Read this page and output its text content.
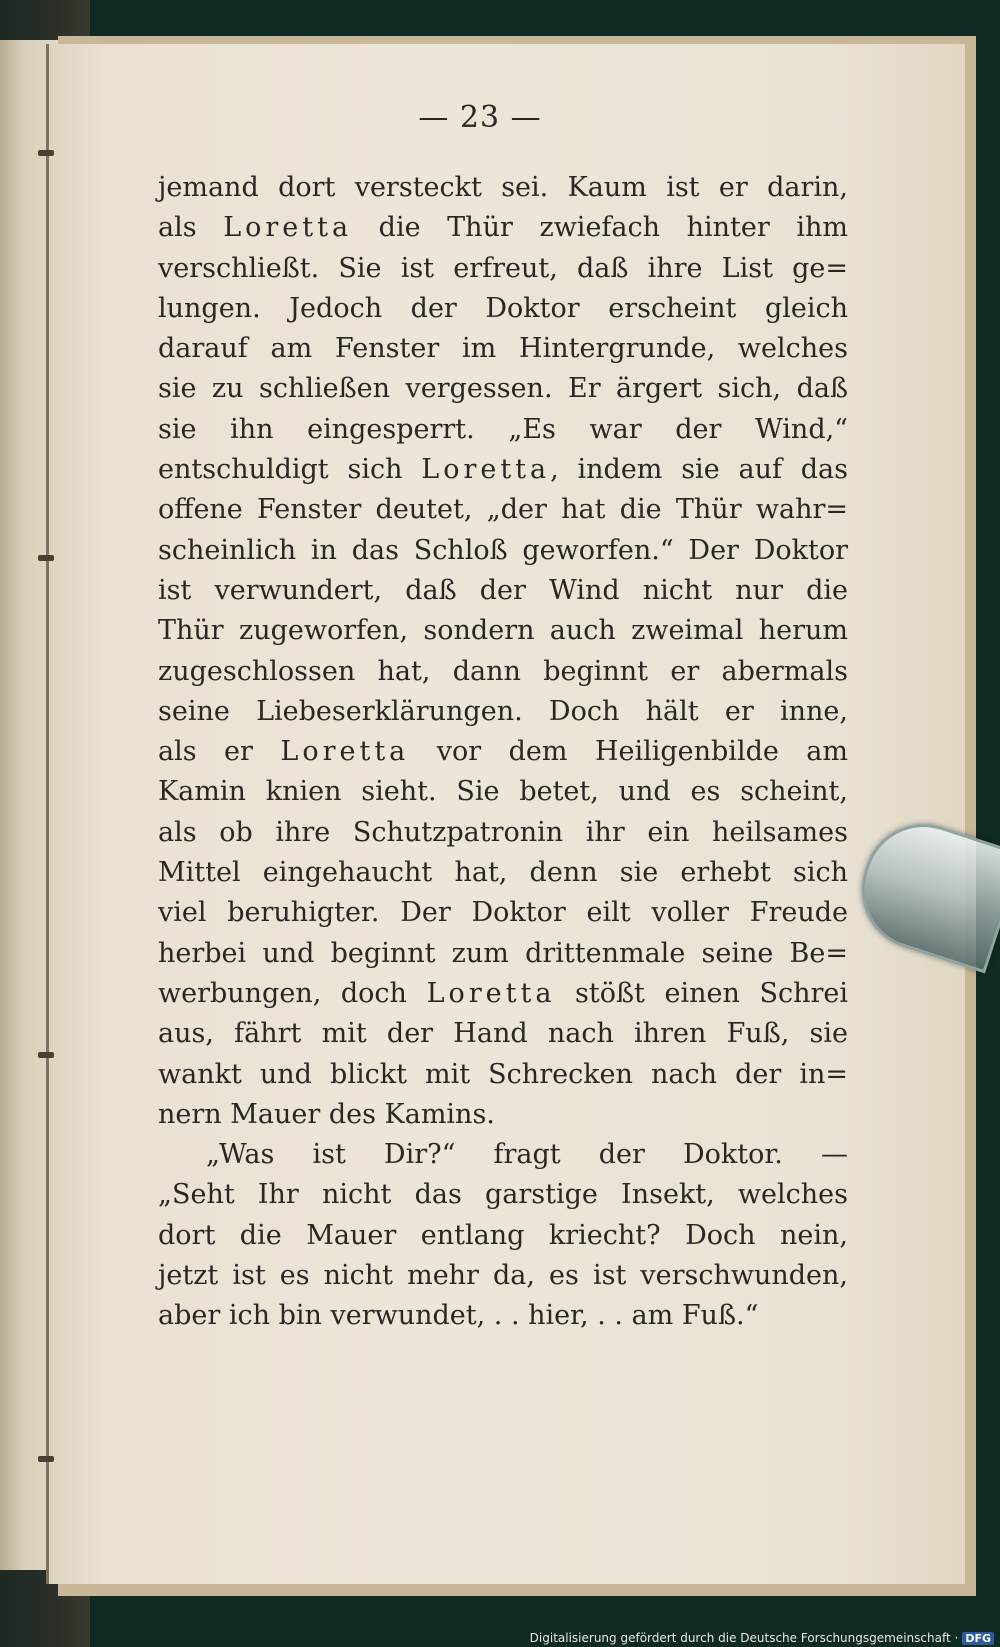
— 23 —
jemand dort versteckt sei. Kaum ist er darin,
als Loretta die Thür zwiefach hinter ihm
verschließt. Sie ist erfreut, daß ihre List ge=
lungen. Jedoch der Doktor erscheint gleich
darauf am Fenster im Hintergrunde, welches
sie zu schließen vergessen. Er ärgert sich, daß
sie ihn eingesperrt. „Es war der Wind,“
entschuldigt sich Loretta, indem sie auf das
offene Fenster deutet, „der hat die Thür wahr=
scheinlich in das Schloß geworfen.“ Der Doktor
ist verwundert, daß der Wind nicht nur die
Thür zugeworfen, sondern auch zweimal herum
zugeschlossen hat, dann beginnt er abermals
seine Liebeserklärungen. Doch hält er inne,
als er Loretta vor dem Heiligenbilde am
Kamin knien sieht. Sie betet, und es scheint,
als ob ihre Schutzpatronin ihr ein heilsames
Mittel eingehaucht hat, denn sie erhebt sich
viel beruhigter. Der Doktor eilt voller Freude
herbei und beginnt zum drittenmale seine Be=
werbungen, doch Loretta stößt einen Schrei
aus, fährt mit der Hand nach ihren Fuß, sie
wankt und blickt mit Schrecken nach der in=
nern Mauer des Kamins.
„Was ist Dir?“ fragt der Doktor. —
„Seht Ihr nicht das garstige Insekt, welches
dort die Mauer entlang kriecht? Doch nein,
jetzt ist es nicht mehr da, es ist verschwunden,
aber ich bin verwundet, . . hier, . . am Fuß.“
Digitalisierung gefördert durch die Deutsche Forschungsgemeinschaft · DFG
